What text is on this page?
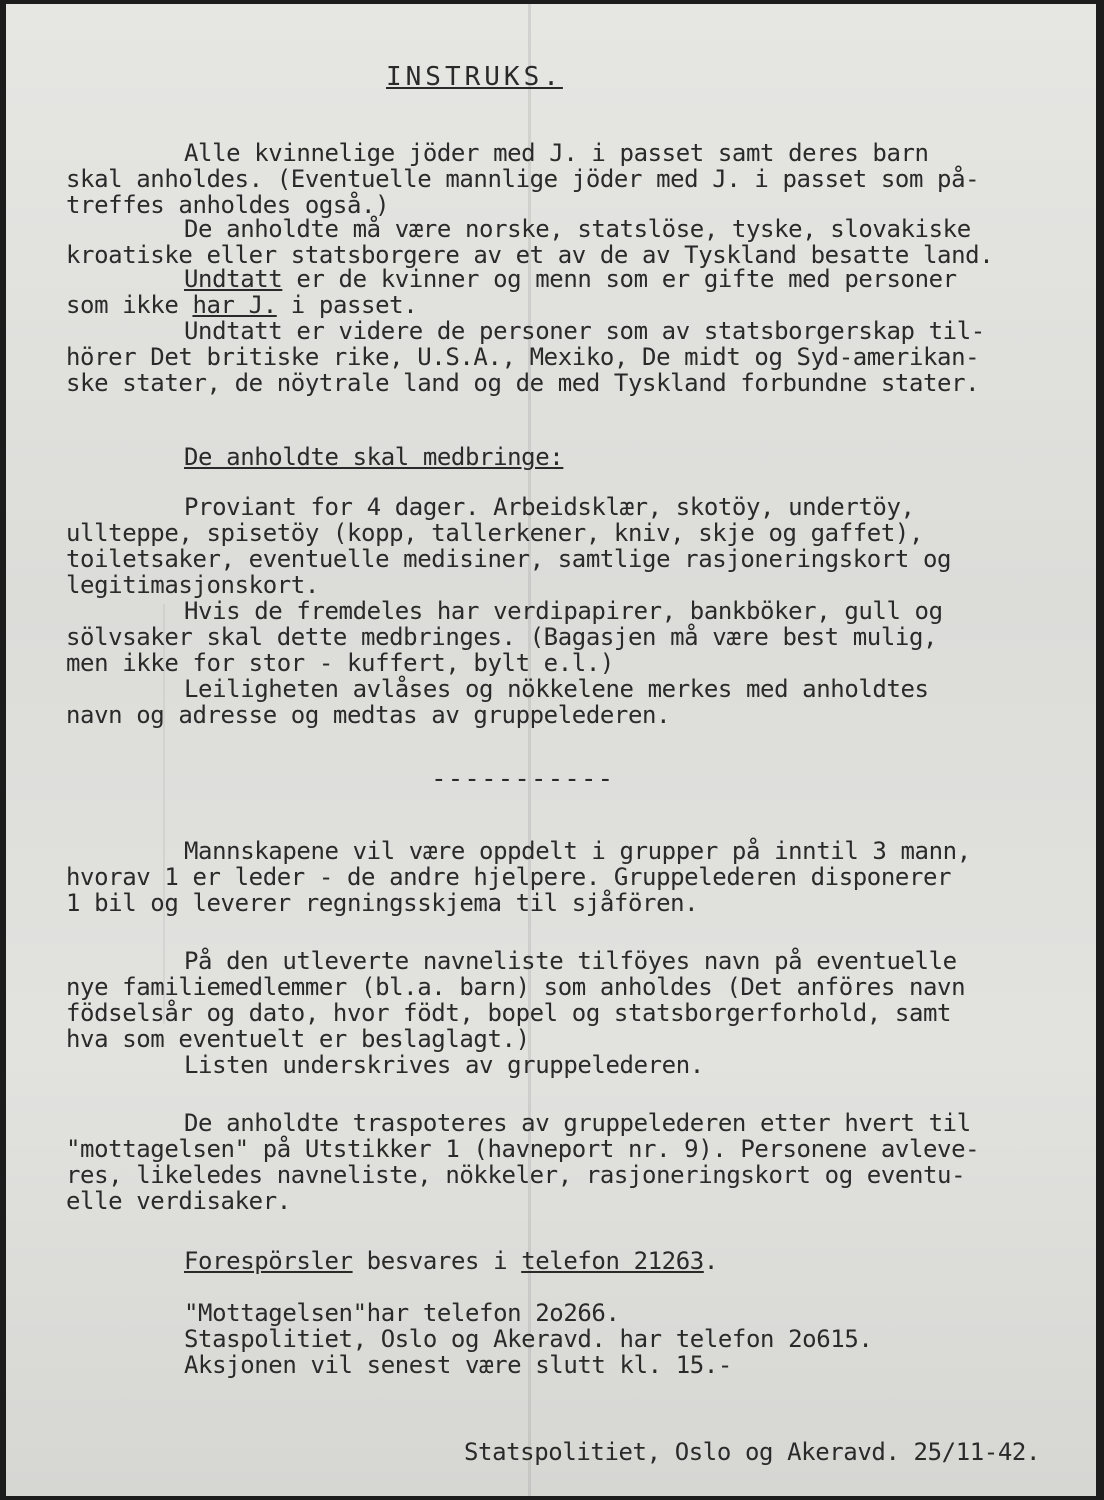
INSTRUKS.
Alle kvinnelige jöder med J. i passet samt deres barn
skal anholdes. (Eventuelle mannlige jöder med J. i passet som på-
treffes anholdes også.)
De anholdte må være norske, statslöse, tyske, slovakiske
kroatiske eller statsborgere av et av de av Tyskland besatte land.
Undtatt er de kvinner og menn som er gifte med personer
som ikke har J. i passet.
Undtatt er videre de personer som av statsborgerskap til-
hörer Det britiske rike, U.S.A., Mexiko, De midt og Syd-amerikan-
ske stater, de nöytrale land og de med Tyskland forbundne stater.
De anholdte skal medbringe:
Proviant for 4 dager. Arbeidsklær, skotöy, undertöy,
ullteppe, spisetöy (kopp, tallerkener, kniv, skje og gaffet),
toiletsaker, eventuelle medisiner, samtlige rasjoneringskort og
legitimasjonskort.
Hvis de fremdeles har verdipapirer, bankböker, gull og
sölvsaker skal dette medbringes. (Bagasjen må være best mulig,
men ikke for stor - kuffert, bylt e.l.)
Leiligheten avlåses og nökkelene merkes med anholdtes
navn og adresse og medtas av gruppelederen.
-----------
Mannskapene vil være oppdelt i grupper på inntil 3 mann,
hvorav 1 er leder - de andre hjelpere. Gruppelederen disponerer
1 bil og leverer regningsskjema til sjåfören.
På den utleverte navneliste tilföyes navn på eventuelle
nye familiemedlemmer (bl.a. barn) som anholdes (Det anföres navn
födselsår og dato, hvor födt, bopel og statsborgerforhold, samt
hva som eventuelt er beslaglagt.)
Listen underskrives av gruppelederen.
De anholdte traspoteres av gruppelederen etter hvert til
"mottagelsen" på Utstikker 1 (havneport nr. 9). Personene avleve-
res, likeledes navneliste, nökkeler, rasjoneringskort og eventu-
elle verdisaker.
Forespörsler besvares i telefon 21263.
"Mottagelsen"har telefon 2o266.
Staspolitiet, Oslo og Akeravd. har telefon 2o615.
Aksjonen vil senest være slutt kl. 15.-
Statspolitiet, Oslo og Akeravd. 25/11-42.
